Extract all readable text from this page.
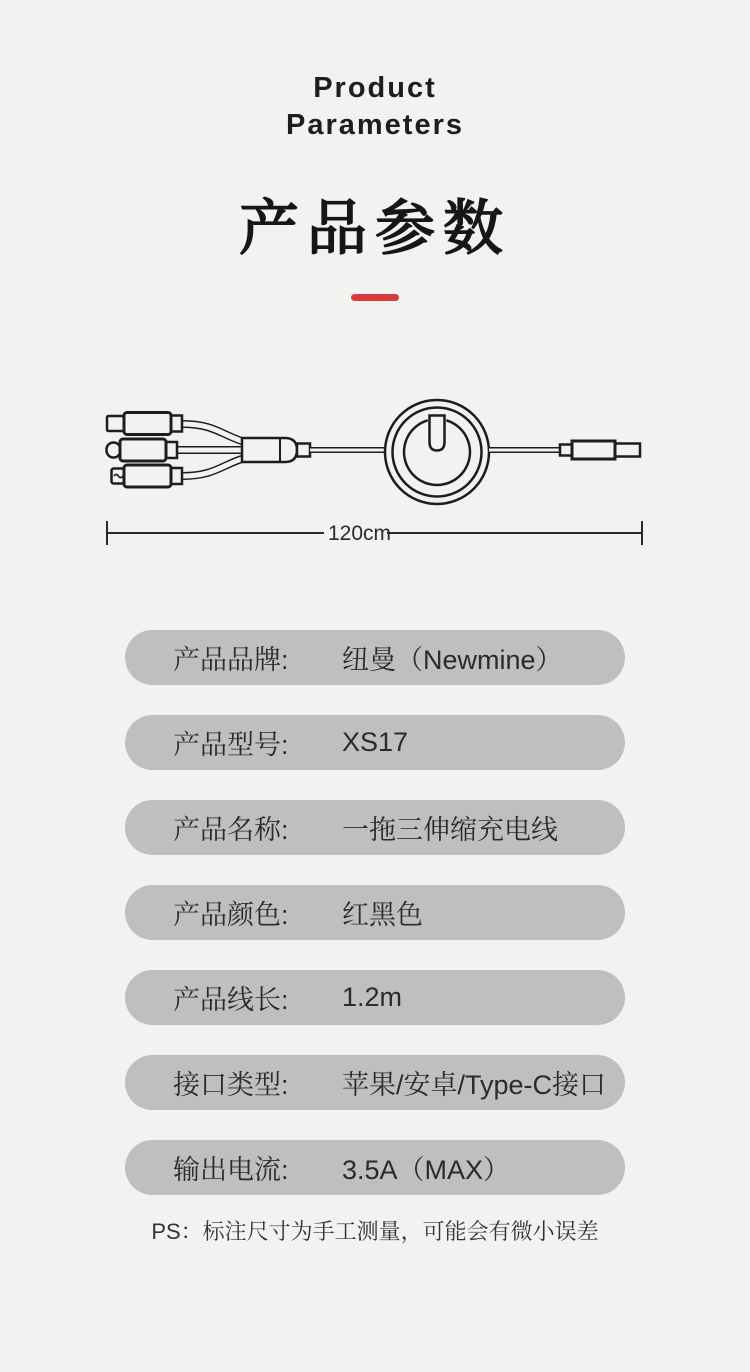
Product
Parameters
产品参数
120cm
产品品牌:	纽曼（Newmine）
产品型号:	XS17
产品名称:	一拖三伸缩充电线
产品颜色:	红黑色
产品线长:	1.2m
接口类型:	苹果/安卓/Type-C接口
输出电流:	3.5A（MAX）
PS：标注尺寸为手工测量，可能会有微小误差
